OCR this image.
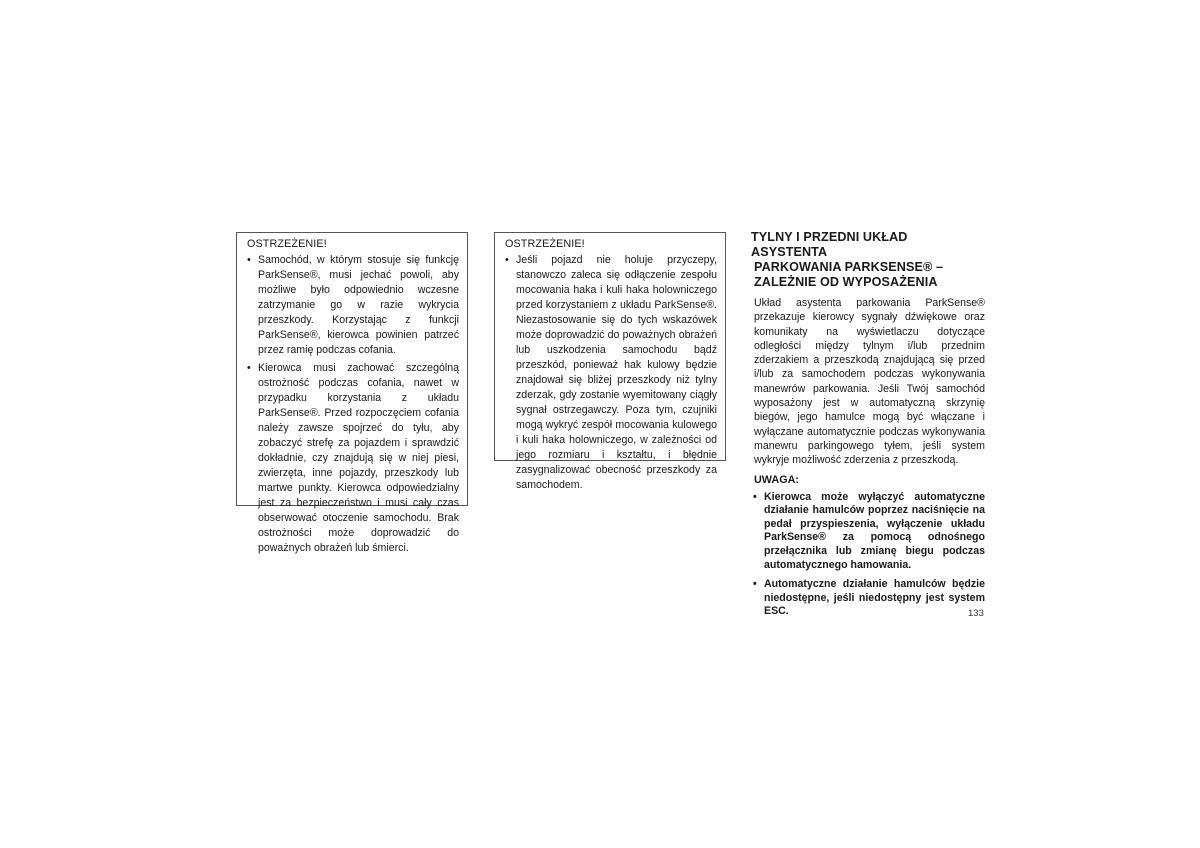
OSTRZEŻENIE!
• Samochód, w którym stosuje się funkcję ParkSense®, musi jechać powoli, aby możliwe było odpowiednio wczesne zatrzymanie go w razie wykrycia przeszkody. Korzystając z funkcji ParkSense®, kierowca powinien patrzeć przez ramię podczas cofania.
• Kierowca musi zachować szczególną ostrożność podczas cofania, nawet w przypadku korzystania z układu ParkSense®. Przed rozpoczęciem cofania należy zawsze spojrzeć do tyłu, aby zobaczyć strefę za pojazdem i sprawdzić dokładnie, czy znajdują się w niej piesi, zwierzęta, inne pojazdy, przeszkody lub martwe punkty. Kierowca odpowiedzialny jest za bezpieczeństwo i musi cały czas obserwować otoczenie samochodu. Brak ostrożności może doprowadzić do poważnych obrażeń lub śmierci.
OSTRZEŻENIE!
• Jeśli pojazd nie holuje przyczepy, stanowczo zaleca się odłączenie zespołu mocowania haka i kuli haka holowniczego przed korzystaniem z układu ParkSense®. Niezastosowanie się do tych wskazówek może doprowadzić do poważnych obrażeń lub uszkodzenia samochodu bądź przeszkód, ponieważ hak kulowy będzie znajdował się bliżej przeszkody niż tylny zderzak, gdy zostanie wyemitowany ciągły sygnał ostrzegawczy. Poza tym, czujniki mogą wykryć zespół mocowania kulowego i kuli haka holowniczego, w zależności od jego rozmiaru i kształtu, i błędnie zasygnalizować obecność przeszkody za samochodem.
TYLNY I PRZEDNI UKŁAD ASYSTENTA
PARKOWANIA PARKSENSE® –
ZALEŻNIE OD WYPOSAŻENIA

Układ asystenta parkowania ParkSense® przekazuje kierowcy sygnały dźwiękowe oraz komunikaty na wyświetlaczu dotyczące odległości między tylnym i/lub przednim zderzakiem a przeszkodą znajdującą się przed i/lub za samochodem podczas wykonywania manewrów parkowania. Jeśli Twój samochód wyposażony jest w automatyczną skrzynię biegów, jego hamulce mogą być włączane i wyłączane automatycznie podczas wykonywania manewru parkingowego tyłem, jeśli system wykryje możliwość zderzenia z przeszkodą.

UWAGA:
• Kierowca może wyłączyć automatyczne działanie hamulców poprzez naciśnięcie na pedał przyspieszenia, wyłączenie układu ParkSense® za pomocą odnośnego przełącznika lub zmianę biegu podczas automatycznego hamowania.
• Automatyczne działanie hamulców będzie niedostępne, jeśli niedostępny jest system ESC.	133
